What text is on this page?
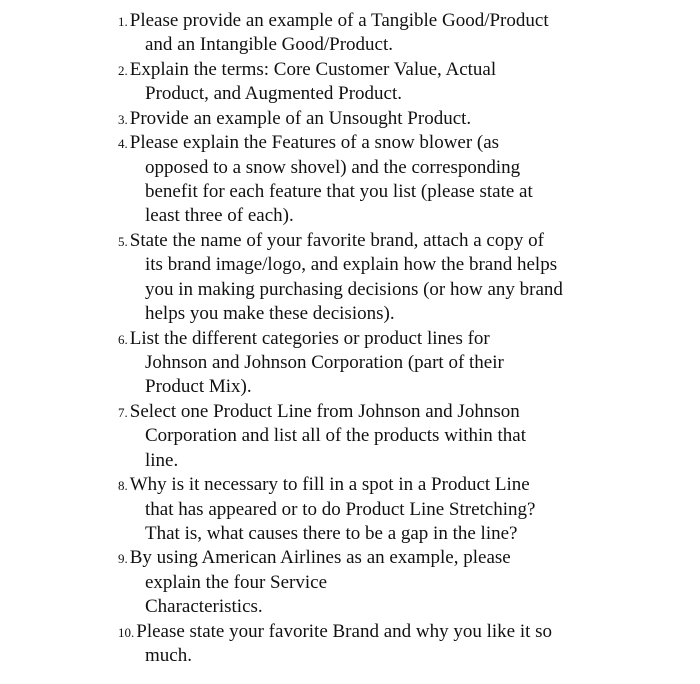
1. Please provide an example of a Tangible Good/Product
and an Intangible Good/Product.
2. Explain the terms: Core Customer Value, Actual
Product, and Augmented Product.
3. Provide an example of an Unsought Product.
4. Please explain the Features of a snow blower (as
opposed to a snow shovel) and the corresponding
benefit for each feature that you list (please state at
least three of each).
5. State the name of your favorite brand, attach a copy of
its brand image/logo, and explain how the brand helps
you in making purchasing decisions (or how any brand
helps you make these decisions).
6. List the different categories or product lines for
Johnson and Johnson Corporation (part of their
Product Mix).
7. Select one Product Line from Johnson and Johnson
Corporation and list all of the products within that
line.
8. Why is it necessary to fill in a spot in a Product Line
that has appeared or to do Product Line Stretching?
That is, what causes there to be a gap in the line?
9. By using American Airlines as an example, please
explain the four Service
Characteristics.
10. Please state your favorite Brand and why you like it so
much.
